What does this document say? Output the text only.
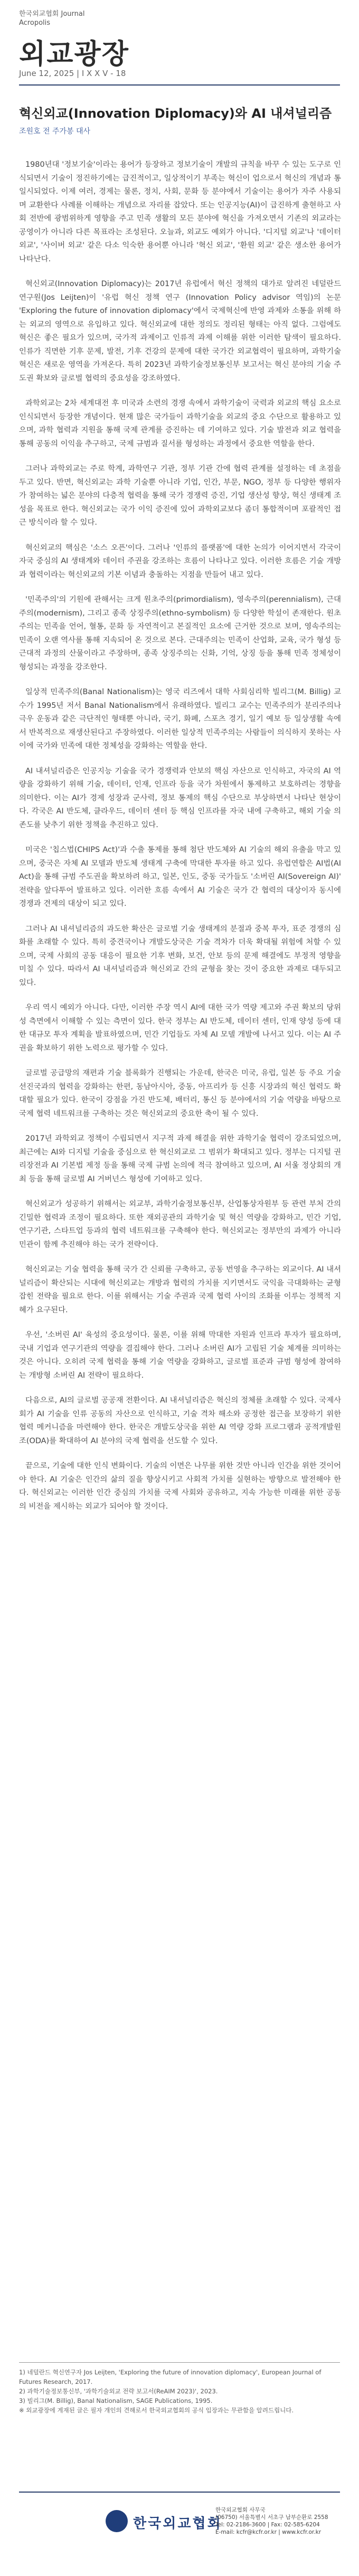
한국외교협회 Journal
Acropolis
외교광장
June 12, 2025 | Ⅰ X X V - 18
혁신외교(Innovation Diplomacy)와 AI 내셔널리즘
조원호 전 주가봉 대사

1980년대 '정보기술'이라는 용어가 등장하고 정보기술이 개발의 규칙을 바꾸 수 있는 도구로 인식되면서 기술이 정진하기에는 급진적이고, 일상적이기 부족는 혁신이 업으로서 혁신의 개념과 통일시되었다. 이제 여러, 경제는 물론, 정치, 사회, 문화 등 분야에서 기술이는 용어가 자주 사용되며 교환한다 사례를 이해하는 개념으로 자리를 잡았다. 또는 인공지능(AI)이 급진하게 출현하고 사회 전반에 광범위하게 영향을 주고 민족 생활의 모든 분야에 혁신을 가져오면서 기존의 외교라는 공영이가 아니라 다른 목표라는 조성된다. 오늘과, 외교도 예외가 아니다. '디지털 외교'나 '데이터 외교', '사이버 외교' 같은 다소 익숙한 용어뿐 아니라 '혁신 외교', '환원 외교' 같은 생소한 용어가 나타난다.

혁신외교(Innovation Diplomacy)는 2017년 유럽에서 혁신 정책의 대가로 알려진 네덜란드 연구원(Jos Leijten)이 '유럽 혁신 정책 연구 (Innovation Policy advisor 역임)의 논문 'Exploring the future of innovation diplomacy'에서 국제혁신에 반영 과제와 소통을 위해 하는 외교의 영역으로 유입하고 있다. 혁신외교에 대한 정의도 정리된 형태는 아직 없다. 그럼에도 혁신은 좋은 필요가 있으며, 국가적 과제이고 인류적 과제 이해를 위한 이러한 탐색이 필요하다. 인류가 직면한 기후 문제, 발전, 기후 건강의 문제에 대한 국가간 외교협력이 필요하며, 과학기술 혁신은 새로운 영역을 가져온다. 특히 2023년 과학기술정보통신부 보고서는 혁신 분야의 기술 주도권 확보와 글로벌 협력의 중요성을 강조하였다.

과학외교는 2차 세계대전 후 미국과 소련의 경쟁 속에서 과학기술이 국력과 외교의 핵심 요소로 인식되면서 등장한 개념이다. 현재 많은 국가들이 과학기술을 외교의 중요 수단으로 활용하고 있으며, 과학 협력과 지원을 통해 국제 관계를 증진하는 데 기여하고 있다. 기술 발전과 외교 협력을 통해 공동의 이익을 추구하고, 국제 규범과 질서를 형성하는 과정에서 중요한 역할을 한다.

그러나 과학외교는 주로 학계, 과학연구 기관, 정부 기관 간에 협력 관계를 설정하는 데 초점을 두고 있다. 반면, 혁신외교는 과학 기술뿐 아니라 기업, 인간, 부문, NGO, 정부 등 다양한 행위자가 참여하는 넓은 분야의 다층적 협력을 통해 국가 경쟁력 증진, 기업 생산성 향상, 혁신 생태계 조성을 목표로 한다. 혁신외교는 국가 이익 증진에 있어 과학외교보다 좀더 통합적이며 포괄적인 접근 방식이라 할 수 있다.

혁신외교의 핵심은 '소스 오픈'이다. 그러나 '인류의 플랫폼'에 대한 논의가 이어지면서 각국이 자국 중심의 AI 생태계와 데이터 주권을 강조하는 흐름이 나타나고 있다. 이러한 흐름은 기술 개방과 협력이라는 혁신외교의 기본 이념과 충돌하는 지점을 만들어 내고 있다.

'민족주의'의 기원에 관해서는 크게 원초주의(primordialism), 영속주의(perennialism), 근대주의(modernism), 그리고 종족 상징주의(ethno-symbolism) 등 다양한 학설이 존재한다. 원초주의는 민족을 언어, 혈통, 문화 등 자연적이고 본질적인 요소에 근거한 것으로 보며, 영속주의는 민족이 오랜 역사를 통해 지속되어 온 것으로 본다. 근대주의는 민족이 산업화, 교육, 국가 형성 등 근대적 과정의 산물이라고 주장하며, 종족 상징주의는 신화, 기억, 상징 등을 통해 민족 정체성이 형성되는 과정을 강조한다.

일상적 민족주의(Banal Nationalism)는 영국 리즈에서 대학 사회심리학 빌리그(M. Billig) 교수가 1995년 저서 Banal Nationalism에서 유래하였다. 빌리그 교수는 민족주의가 분리주의나 극우 운동과 같은 극단적인 형태뿐 아니라, 국기, 화폐, 스포츠 경기, 일기 예보 등 일상생활 속에서 반복적으로 재생산된다고 주장하였다. 이러한 일상적 민족주의는 사람들이 의식하지 못하는 사이에 국가와 민족에 대한 정체성을 강화하는 역할을 한다.

AI 내셔널리즘은 인공지능 기술을 국가 경쟁력과 안보의 핵심 자산으로 인식하고, 자국의 AI 역량을 강화하기 위해 기술, 데이터, 인재, 인프라 등을 국가 차원에서 통제하고 보호하려는 경향을 의미한다. 이는 AI가 경제 성장과 군사력, 정보 통제의 핵심 수단으로 부상하면서 나타난 현상이다. 각국은 AI 반도체, 클라우드, 데이터 센터 등 핵심 인프라를 자국 내에 구축하고, 해외 기술 의존도를 낮추기 위한 정책을 추진하고 있다.

미국은 '칩스법(CHIPS Act)'과 수출 통제를 통해 첨단 반도체와 AI 기술의 해외 유출을 막고 있으며, 중국은 자체 AI 모델과 반도체 생태계 구축에 막대한 투자를 하고 있다. 유럽연합은 AI법(AI Act)을 통해 규범 주도권을 확보하려 하고, 일본, 인도, 중동 국가들도 '소버린 AI(Sovereign AI)' 전략을 앞다투어 발표하고 있다. 이러한 흐름 속에서 AI 기술은 국가 간 협력의 대상이자 동시에 경쟁과 견제의 대상이 되고 있다.

그러나 AI 내셔널리즘의 과도한 확산은 글로벌 기술 생태계의 분절과 중복 투자, 표준 경쟁의 심화를 초래할 수 있다. 특히 중견국이나 개발도상국은 기술 격차가 더욱 확대될 위험에 처할 수 있으며, 국제 사회의 공동 대응이 필요한 기후 변화, 보건, 안보 등의 문제 해결에도 부정적 영향을 미칠 수 있다. 따라서 AI 내셔널리즘과 혁신외교 간의 균형을 찾는 것이 중요한 과제로 대두되고 있다.

우리 역시 예외가 아니다. 다만, 이러한 주장 역시 AI에 대한 국가 역량 제고와 주권 확보의 당위성 측면에서 이해할 수 있는 측면이 있다. 한국 정부는 AI 반도체, 데이터 센터, 인재 양성 등에 대한 대규모 투자 계획을 발표하였으며, 민간 기업들도 자체 AI 모델 개발에 나서고 있다. 이는 AI 주권을 확보하기 위한 노력으로 평가할 수 있다.

글로벌 공급망의 재편과 기술 블록화가 진행되는 가운데, 한국은 미국, 유럽, 일본 등 주요 기술 선진국과의 협력을 강화하는 한편, 동남아시아, 중동, 아프리카 등 신흥 시장과의 혁신 협력도 확대할 필요가 있다. 한국이 강점을 가진 반도체, 배터리, 통신 등 분야에서의 기술 역량을 바탕으로 국제 협력 네트워크를 구축하는 것은 혁신외교의 중요한 축이 될 수 있다.

2017년 과학외교 정책이 수립되면서 지구적 과제 해결을 위한 과학기술 협력이 강조되었으며, 최근에는 AI와 디지털 기술을 중심으로 한 혁신외교로 그 범위가 확대되고 있다. 정부는 디지털 권리장전과 AI 기본법 제정 등을 통해 국제 규범 논의에 적극 참여하고 있으며, AI 서울 정상회의 개최 등을 통해 글로벌 AI 거버넌스 형성에 기여하고 있다.

혁신외교가 성공하기 위해서는 외교부, 과학기술정보통신부, 산업통상자원부 등 관련 부처 간의 긴밀한 협력과 조정이 필요하다. 또한 재외공관의 과학기술 및 혁신 역량을 강화하고, 민간 기업, 연구기관, 스타트업 등과의 협력 네트워크를 구축해야 한다. 혁신외교는 정부만의 과제가 아니라 민관이 함께 추진해야 하는 국가 전략이다.

혁신외교는 기술 협력을 통해 국가 간 신뢰를 구축하고, 공동 번영을 추구하는 외교이다. AI 내셔널리즘이 확산되는 시대에 혁신외교는 개방과 협력의 가치를 지키면서도 국익을 극대화하는 균형 잡힌 전략을 필요로 한다. 이를 위해서는 기술 주권과 국제 협력 사이의 조화를 이루는 정책적 지혜가 요구된다.

우선, '소버린 AI' 육성의 중요성이다. 물론, 이를 위해 막대한 자원과 인프라 투자가 필요하며, 국내 기업과 연구기관의 역량을 결집해야 한다. 그러나 소버린 AI가 고립된 기술 체계를 의미하는 것은 아니다. 오히려 국제 협력을 통해 기술 역량을 강화하고, 글로벌 표준과 규범 형성에 참여하는 개방형 소버린 AI 전략이 필요하다.

다음으로, AI의 글로벌 공공재 전환이다. AI 내셔널리즘은 혁신의 정체를 초래할 수 있다. 국제사회가 AI 기술을 인류 공동의 자산으로 인식하고, 기술 격차 해소와 공정한 접근을 보장하기 위한 협력 메커니즘을 마련해야 한다. 한국은 개발도상국을 위한 AI 역량 강화 프로그램과 공적개발원조(ODA)를 확대하여 AI 분야의 국제 협력을 선도할 수 있다.

끝으로, 기술에 대한 인식 변화이다. 기술의 이면은 나무를 위한 것만 아니라 인간을 위한 것이어야 한다. AI 기술은 인간의 삶의 질을 향상시키고 사회적 가치를 실현하는 방향으로 발전해야 한다. 혁신외교는 이러한 인간 중심의 가치를 국제 사회와 공유하고, 지속 가능한 미래를 위한 공동의 비전을 제시하는 외교가 되어야 할 것이다.

1) 네덜란드 혁신연구자 Jos Leijten, 'Exploring the future of innovation diplomacy', European Journal of Futures Research, 2017.
2) 과학기술정보통신부, '과학기술외교 전략 보고서(ReAIM 2023)', 2023.
3) 빌리그(M. Billig), Banal Nationalism, SAGE Publications, 1995.
※ 외교광장에 게재된 글은 필자 개인의 견해로서 한국외교협회의 공식 입장과는 무관함을 알려드립니다.
한국외교협회
한국외교협회 사무국
(06750) 서울특별시 서초구 남부순환로 2558
Tel: 02-2186-3600 | Fax: 02-585-6204
E-mail: kcfr@kcfr.or.kr | www.kcfr.or.kr
